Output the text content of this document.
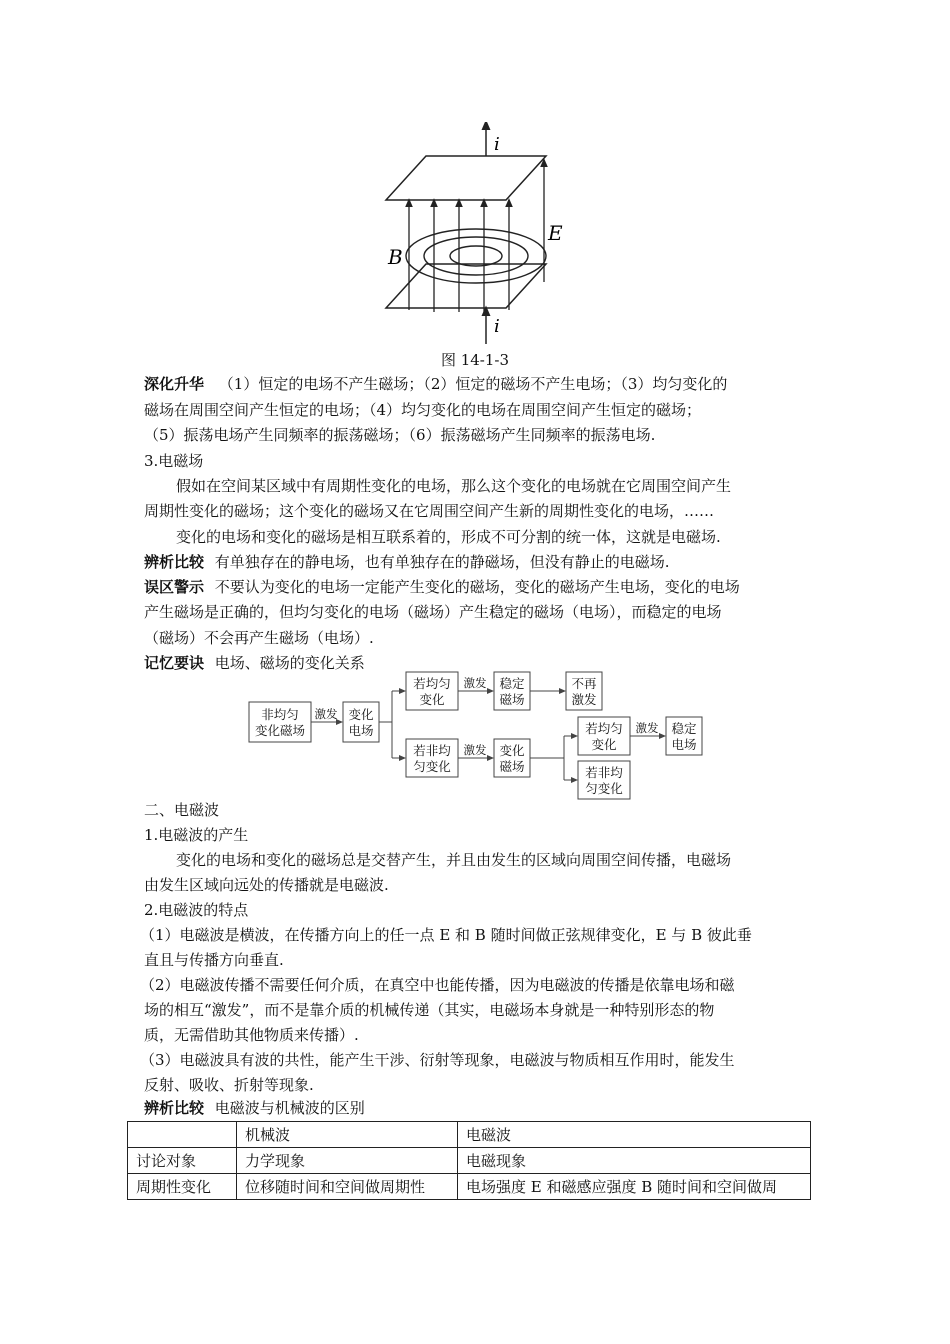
i
i
E
B
图 14-1-3
深化升华 （1）恒定的电场不产生磁场；（2）恒定的磁场不产生电场；（3）均匀变化的
磁场在周围空间产生恒定的电场；（4）均匀变化的电场在周围空间产生恒定的磁场；
（5）振荡电场产生同频率的振荡磁场；（6）振荡磁场产生同频率的振荡电场.
3.电磁场
假如在空间某区域中有周期性变化的电场，那么这个变化的电场就在它周围空间产生
周期性变化的磁场；这个变化的磁场又在它周围空间产生新的周期性变化的电场，……
变化的电场和变化的磁场是相互联系着的，形成不可分割的统一体，这就是电磁场.
辨析比较 有单独存在的静电场，也有单独存在的静磁场，但没有静止的电磁场.
误区警示 不要认为变化的电场一定能产生变化的磁场，变化的磁场产生电场，变化的电场
产生磁场是正确的，但均匀变化的电场（磁场）产生稳定的磁场（电场），而稳定的电场
（磁场）不会再产生磁场（电场）.
记忆要诀 电场、磁场的变化关系
非均匀
变化磁场
激发 变化
电场
若均匀
变化
激发 稳定
磁场
不再
激发
若非均
匀变化
激发 变化
磁场
若均匀
变化
激发 稳定
电场
若非均
匀变化
二、电磁波
1.电磁波的产生
变化的电场和变化的磁场总是交替产生，并且由发生的区域向周围空间传播，电磁场
由发生区域向远处的传播就是电磁波.
2.电磁波的特点
（1）电磁波是横波，在传播方向上的任一点 E 和 B 随时间做正弦规律变化，E 与 B 彼此垂
直且与传播方向垂直.
（2）电磁波传播不需要任何介质，在真空中也能传播，因为电磁波的传播是依靠电场和磁
场的相互“激发”，而不是靠介质的机械传递（其实，电磁场本身就是一种特别形态的物
质，无需借助其他物质来传播）.
（3）电磁波具有波的共性，能产生干涉、衍射等现象，电磁波与物质相互作用时，能发生
反射、吸收、折射等现象.
辨析比较 电磁波与机械波的区别
	机械波	电磁波
讨论对象	力学现象	电磁现象
周期性变化	位移随时间和空间做周期性	电场强度 E 和磁感应强度 B 随时间和空间做周
